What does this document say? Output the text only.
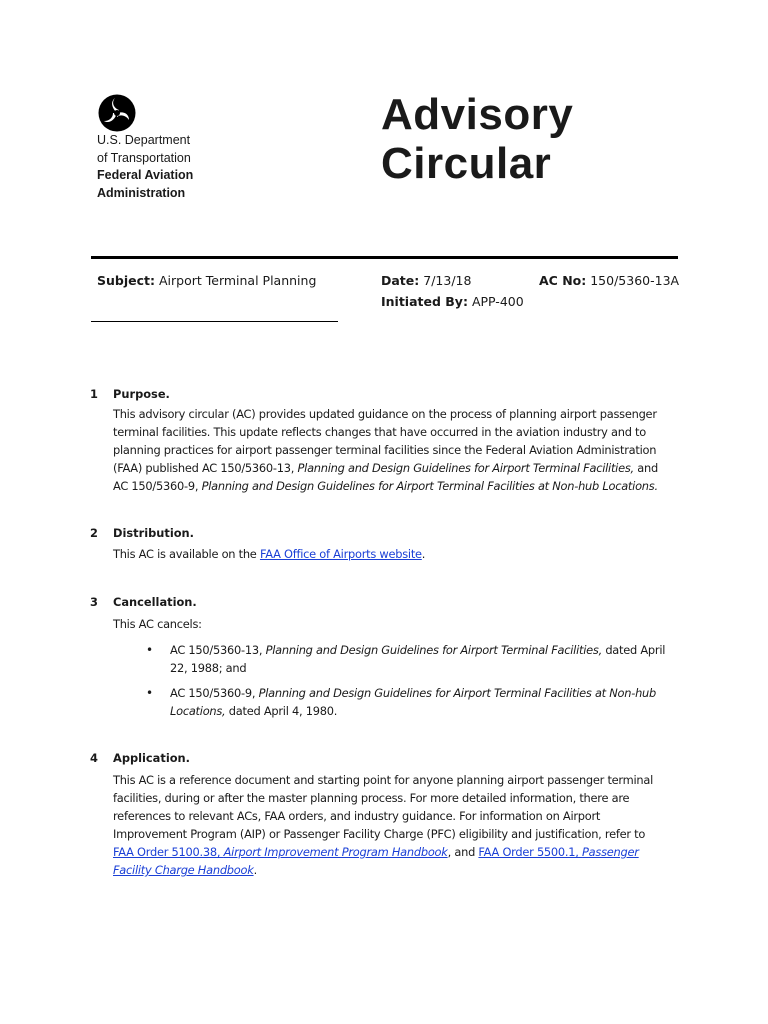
U.S. Department
of Transportation
Federal Aviation
Administration
Advisory
Circular
Subject: Airport Terminal Planning	Date: 7/13/18	AC No: 150/5360-13A
Initiated By: APP-400
1 Purpose.
This advisory circular (AC) provides updated guidance on the process of planning airport passenger
terminal facilities. This update reflects changes that have occurred in the aviation industry and to
planning practices for airport passenger terminal facilities since the Federal Aviation Administration
(FAA) published AC 150/5360-13, Planning and Design Guidelines for Airport Terminal Facilities, and
AC 150/5360-9, Planning and Design Guidelines for Airport Terminal Facilities at Non-hub Locations.
2 Distribution.
This AC is available on the FAA Office of Airports website.
3 Cancellation.
This AC cancels:
• AC 150/5360-13, Planning and Design Guidelines for Airport Terminal Facilities, dated April
22, 1988; and
• AC 150/5360-9, Planning and Design Guidelines for Airport Terminal Facilities at Non-hub
Locations, dated April 4, 1980.
4 Application.
This AC is a reference document and starting point for anyone planning airport passenger terminal
facilities, during or after the master planning process. For more detailed information, there are
references to relevant ACs, FAA orders, and industry guidance. For information on Airport
Improvement Program (AIP) or Passenger Facility Charge (PFC) eligibility and justification, refer to
FAA Order 5100.38, Airport Improvement Program Handbook, and FAA Order 5500.1, Passenger
Facility Charge Handbook.
